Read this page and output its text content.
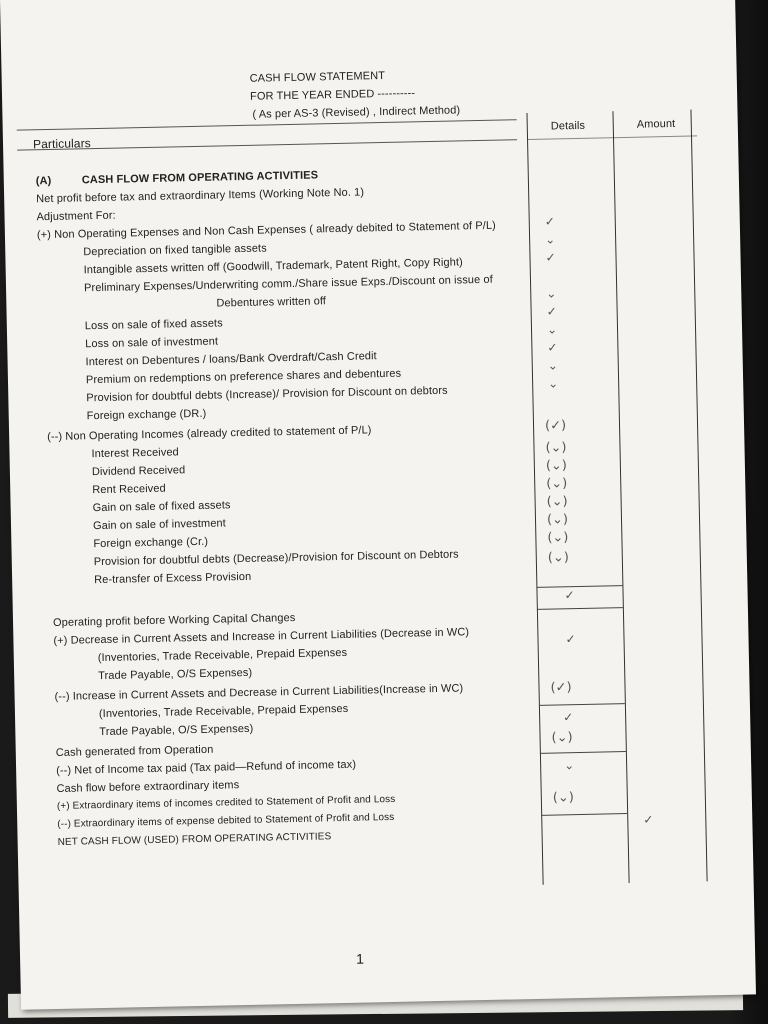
CASH FLOW STATEMENT
FOR THE YEAR ENDED ----------
( As per AS-3 (Revised) , Indirect Method)
Particulars
Details	Amount
(A)	CASH FLOW FROM OPERATING ACTIVITIES
Net profit before tax and extraordinary Items (Working Note No. 1)
Adjustment For:
(+) Non Operating Expenses and Non Cash Expenses ( already debited to Statement of P/L)
Depreciation on fixed tangible assets
Intangible assets written off (Goodwill, Trademark, Patent Right, Copy Right)
Preliminary Expenses/Underwriting comm./Share issue Exps./Discount on issue of
Debentures written off
Loss on sale of fixed assets
Loss on sale of investment
Interest on Debentures / loans/Bank Overdraft/Cash Credit
Premium on redemptions on preference shares and debentures
Provision for doubtful debts (Increase)/ Provision for Discount on debtors
Foreign exchange (DR.)
(--) Non Operating Incomes (already credited to statement of P/L)
Interest Received
Dividend Received
Rent Received
Gain on sale of fixed assets
Gain on sale of investment
Foreign exchange (Cr.)
Provision for doubtful debts (Decrease)/Provision for Discount on Debtors
Re-transfer of Excess Provision
Operating profit before Working Capital Changes
(+) Decrease in Current Assets and Increase in Current Liabilities (Decrease in WC)
(Inventories, Trade Receivable, Prepaid Expenses
Trade Payable, O/S Expenses)
(--) Increase in Current Assets and Decrease in Current Liabilities(Increase in WC)
(Inventories, Trade Receivable, Prepaid Expenses
Trade Payable, O/S Expenses)
Cash generated from Operation
(--) Net of Income tax paid (Tax paid—Refund of income tax)
Cash flow before extraordinary items
(+) Extraordinary items of incomes credited to Statement of Profit and Loss
(--) Extraordinary items of expense debited to Statement of Profit and Loss
NET CASH FLOW (USED) FROM OPERATING ACTIVITIES
✓
⌄
✓
⌄
✓
⌄
✓
⌄
⌄
(✓)
(⌄)
(⌄)
(⌄)
(⌄)
(⌄)
(⌄)
(⌄)
✓
✓
(✓)
✓
(⌄)
⌄
(⌄)
✓
1
